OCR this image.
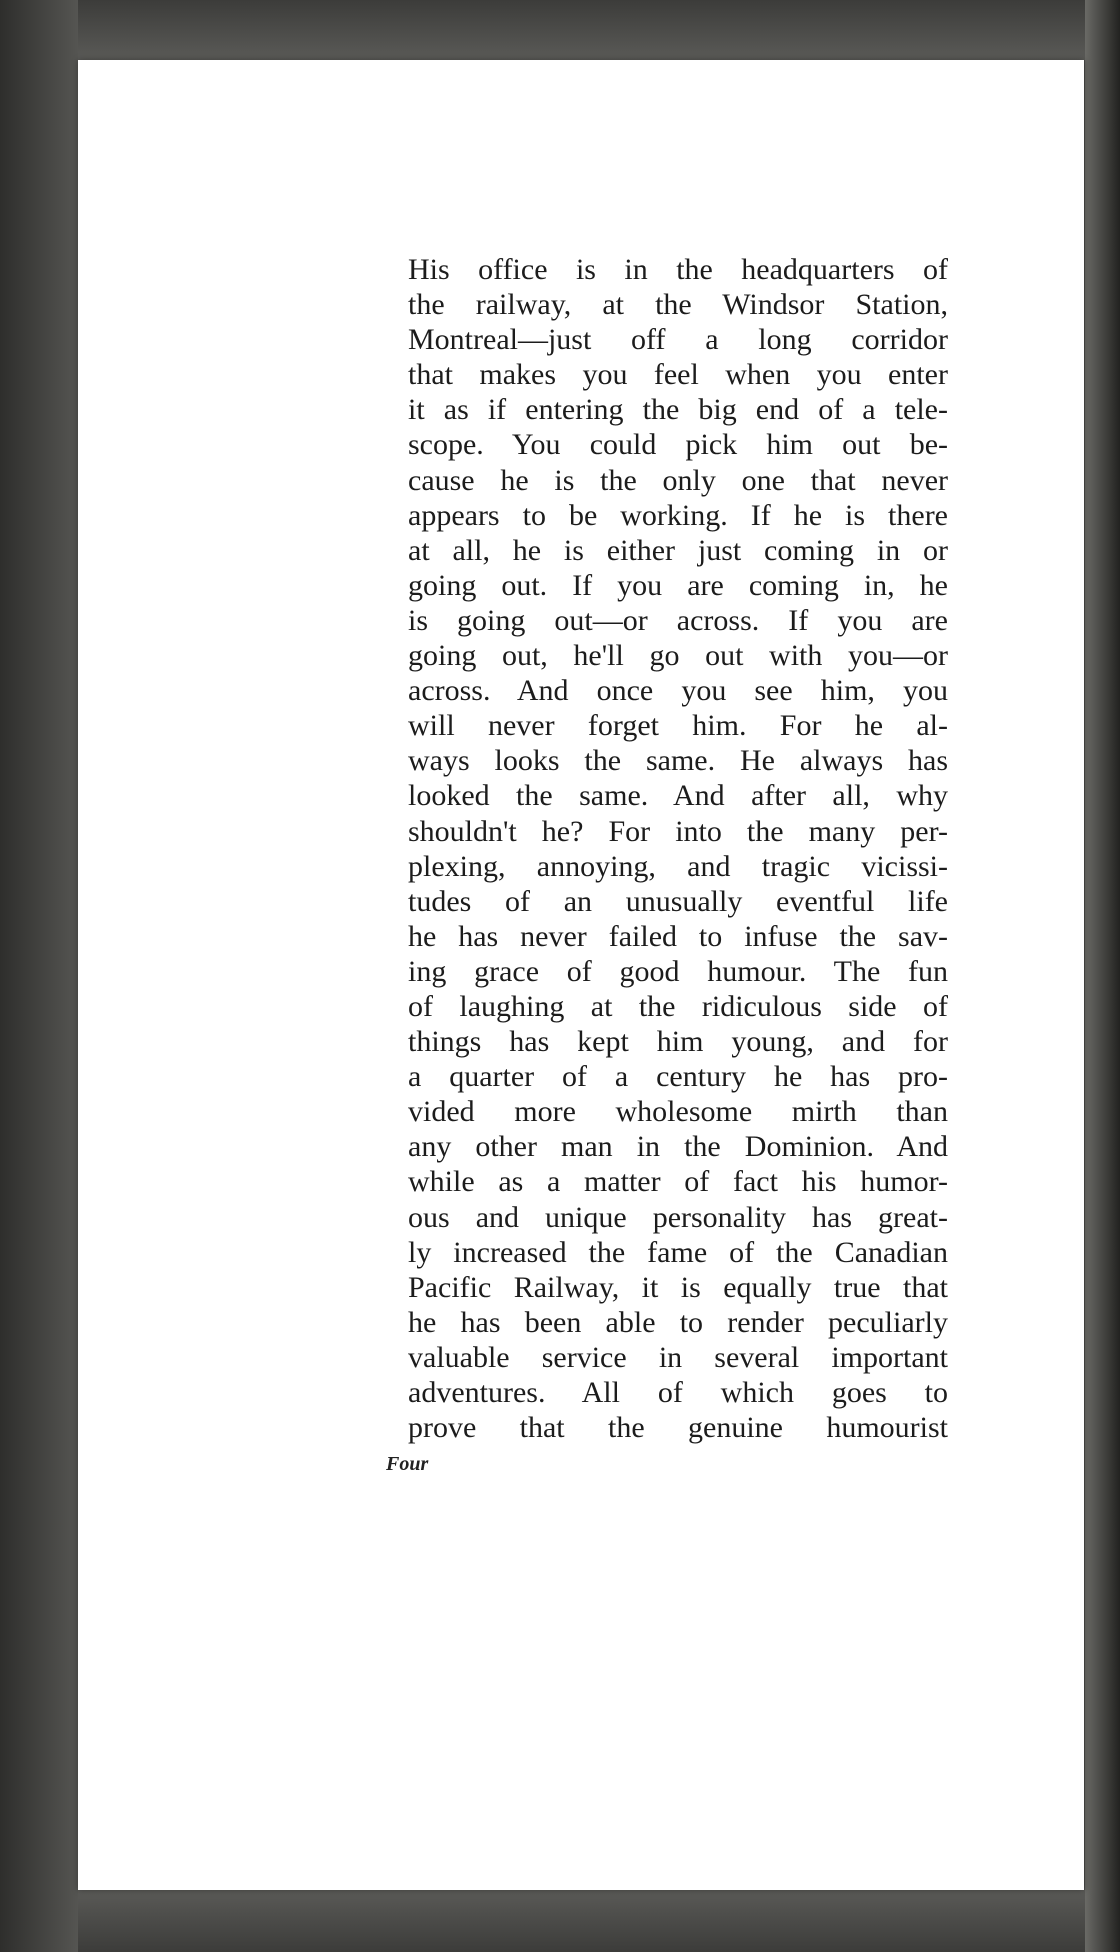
His office is in the headquarters of
the railway, at the Windsor Station,
Montreal—just off a long corridor
that makes you feel when you enter
it as if entering the big end of a tele-
scope. You could pick him out be-
cause he is the only one that never
appears to be working. If he is there
at all, he is either just coming in or
going out. If you are coming in, he
is going out—or across. If you are
going out, he'll go out with you—or
across. And once you see him, you
will never forget him. For he al-
ways looks the same. He always has
looked the same. And after all, why
shouldn't he? For into the many per-
plexing, annoying, and tragic vicissi-
tudes of an unusually eventful life
he has never failed to infuse the sav-
ing grace of good humour. The fun
of laughing at the ridiculous side of
things has kept him young, and for
a quarter of a century he has pro-
vided more wholesome mirth than
any other man in the Dominion. And
while as a matter of fact his humor-
ous and unique personality has great-
ly increased the fame of the Canadian
Pacific Railway, it is equally true that
he has been able to render peculiarly
valuable service in several important
adventures. All of which goes to
prove that the genuine humourist
Four
